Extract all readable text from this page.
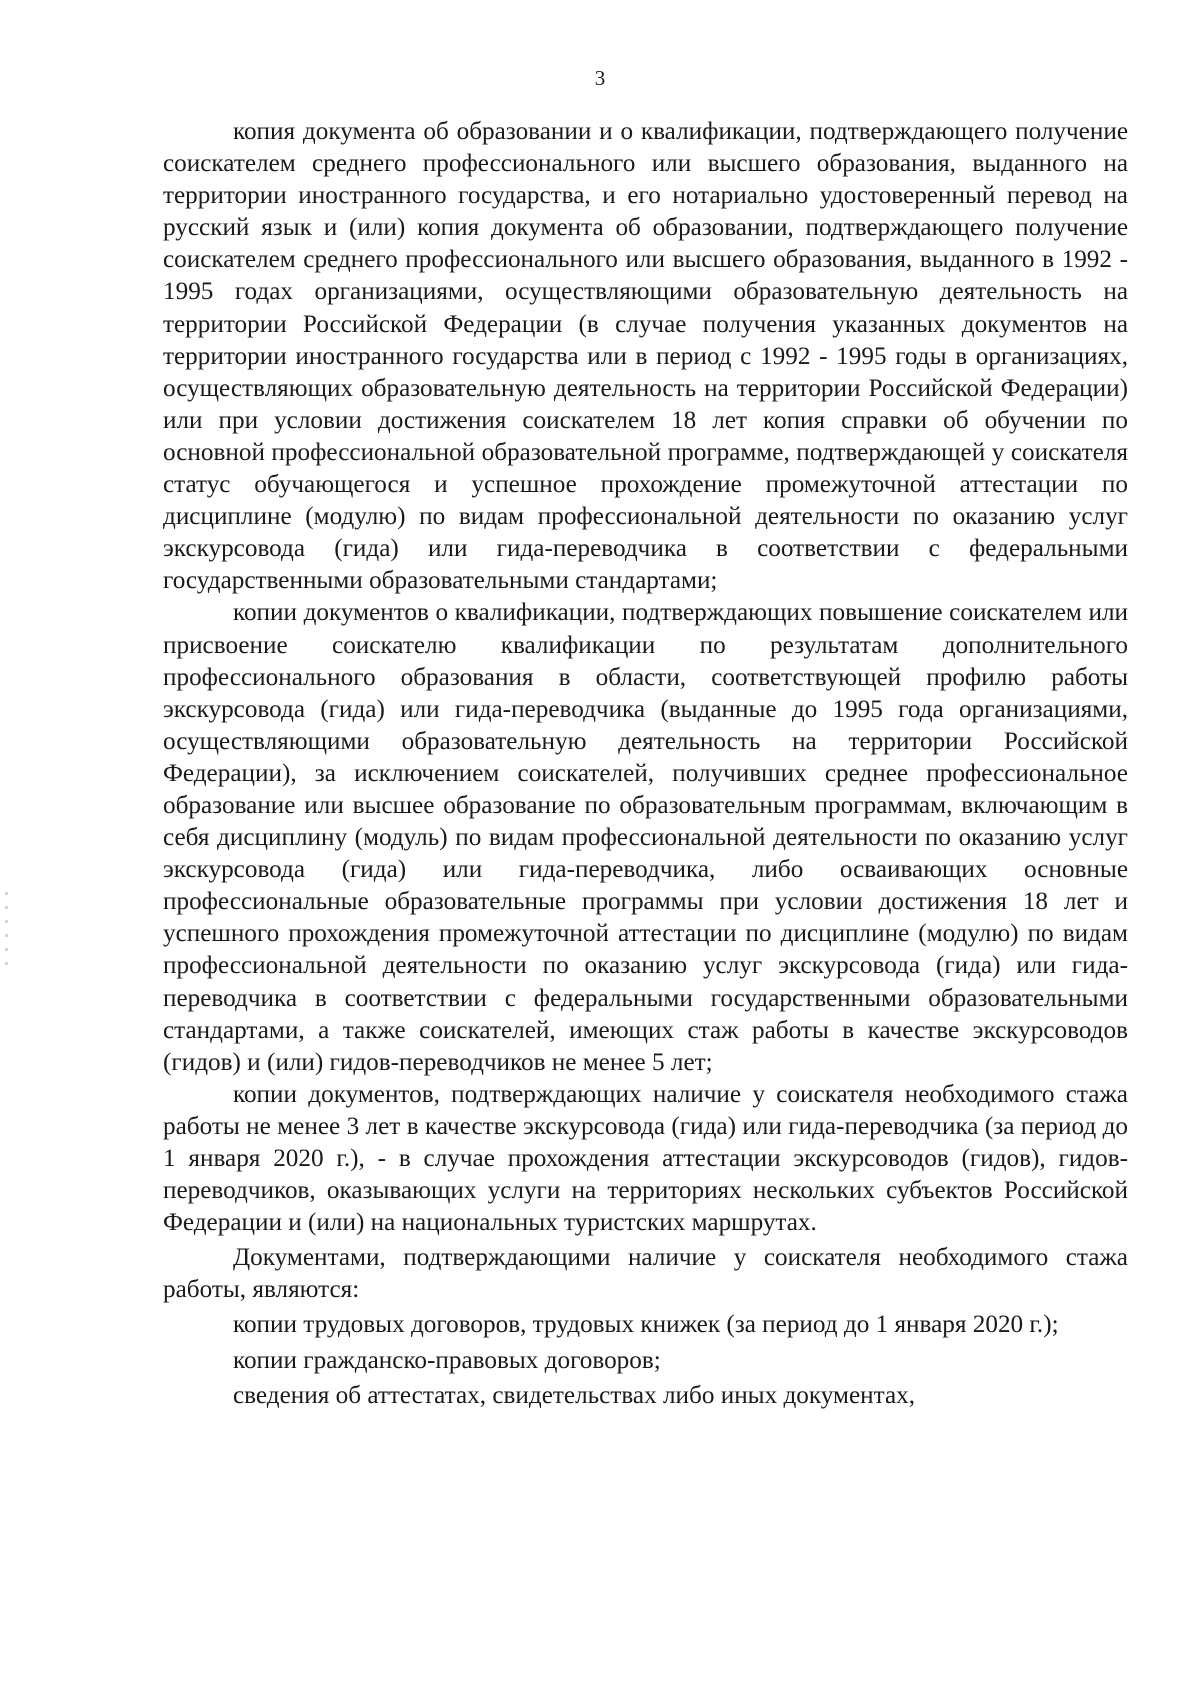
3

копия документа об образовании и о квалификации, подтверждающего получение соискателем среднего профессионального или высшего образования, выданного на территории иностранного государства, и его нотариально удостоверенный перевод на русский язык и (или) копия документа об образовании, подтверждающего получение соискателем среднего профессионального или высшего образования, выданного в 1992 - 1995 годах организациями, осуществляющими образовательную деятельность на территории Российской Федерации (в случае получения указанных документов на территории иностранного государства или в период с 1992 - 1995 годы в организациях, осуществляющих образовательную деятельность на территории Российской Федерации) или при условии достижения соискателем 18 лет копия справки об обучении по основной профессиональной образовательной программе, подтверждающей у соискателя статус обучающегося и успешное прохождение промежуточной аттестации по дисциплине (модулю) по видам профессиональной деятельности по оказанию услуг экскурсовода (гида) или гида-переводчика в соответствии с федеральными государственными образовательными стандартами;

копии документов о квалификации, подтверждающих повышение соискателем или присвоение соискателю квалификации по результатам дополнительного профессионального образования в области, соответствующей профилю работы экскурсовода (гида) или гида-переводчика (выданные до 1995 года организациями, осуществляющими образовательную деятельность на территории Российской Федерации), за исключением соискателей, получивших среднее профессиональное образование или высшее образование по образовательным программам, включающим в себя дисциплину (модуль) по видам профессиональной деятельности по оказанию услуг экскурсовода (гида) или гида-переводчика, либо осваивающих основные профессиональные образовательные программы при условии достижения 18 лет и успешного прохождения промежуточной аттестации по дисциплине (модулю) по видам профессиональной деятельности по оказанию услуг экскурсовода (гида) или гида-переводчика в соответствии с федеральными государственными образовательными стандартами, а также соискателей, имеющих стаж работы в качестве экскурсоводов (гидов) и (или) гидов-переводчиков не менее 5 лет;

копии документов, подтверждающих наличие у соискателя необходимого стажа работы не менее 3 лет в качестве экскурсовода (гида) или гида-переводчика (за период до 1 января 2020 г.), - в случае прохождения аттестации экскурсоводов (гидов), гидов-переводчиков, оказывающих услуги на территориях нескольких субъектов Российской Федерации и (или) на национальных туристских маршрутах.

Документами, подтверждающими наличие у соискателя необходимого стажа работы, являются:

копии трудовых договоров, трудовых книжек (за период до 1 января 2020 г.);

копии гражданско-правовых договоров;

сведения об аттестатах, свидетельствах либо иных документах,
